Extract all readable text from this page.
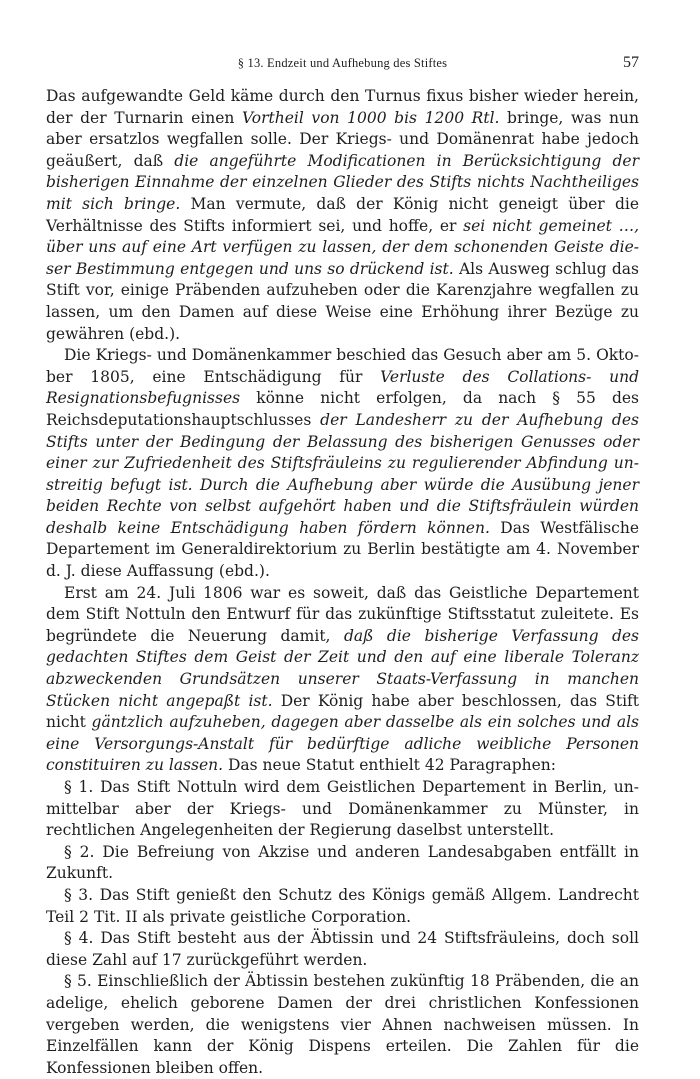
§ 13. Endzeit und Aufhebung des Stiftes	57

Das aufgewandte Geld käme durch den Turnus fixus bisher wieder herein, der der Turnarin einen Vortheil von 1000 bis 1200 Rtl. bringe, was nun aber ersatzlos wegfallen solle. Der Kriegs- und Domänenrat habe jedoch geäußert, daß die angeführte Modificationen in Berücksichtigung der bisherigen Einnahme der einzelnen Glieder des Stifts nichts Nachtheiliges mit sich bringe. Man vermute, daß der König nicht geneigt über die Verhältnisse des Stifts informiert sei, und hoffe, er sei nicht gemeinet …, über uns auf eine Art verfügen zu lassen, der dem schonenden Geiste dieser Bestimmung entgegen und uns so drückend ist. Als Ausweg schlug das Stift vor, einige Präbenden aufzuheben oder die Karenzjahre wegfallen zu lassen, um den Damen auf diese Weise eine Erhöhung ihrer Bezüge zu gewähren (ebd.).

Die Kriegs- und Domänenkammer beschied das Gesuch aber am 5. Oktober 1805, eine Entschädigung für Verluste des Collations- und Resignationsbefugnisses könne nicht erfolgen, da nach § 55 des Reichsdeputationshauptschlusses der Landesherr zu der Aufhebung des Stifts unter der Bedingung der Belassung des bisherigen Genusses oder einer zur Zufriedenheit des Stiftsfräuleins zu regulierender Abfindung unstreitig befugt ist. Durch die Aufhebung aber würde die Ausübung jener beiden Rechte von selbst aufgehört haben und die Stiftsfräulein würden deshalb keine Entschädigung haben fördern können. Das Westfälische Departement im Generaldirektorium zu Berlin bestätigte am 4. November d. J. diese Auffassung (ebd.).

Erst am 24. Juli 1806 war es soweit, daß das Geistliche Departement dem Stift Nottuln den Entwurf für das zukünftige Stiftsstatut zuleitete. Es begründete die Neuerung damit, daß die bisherige Verfassung des gedachten Stiftes dem Geist der Zeit und den auf eine liberale Toleranz abzweckenden Grundsätzen unserer Staats-Verfassung in manchen Stücken nicht angepaßt ist. Der König habe aber beschlossen, das Stift nicht gäntzlich aufzuheben, dagegen aber dasselbe als ein solches und als eine Versorgungs-Anstalt für bedürftige adliche weibliche Personen constituiren zu lassen. Das neue Statut enthielt 42 Paragraphen:

§ 1. Das Stift Nottuln wird dem Geistlichen Departement in Berlin, unmittelbar aber der Kriegs- und Domänenkammer zu Münster, in rechtlichen Angelegenheiten der Regierung daselbst unterstellt.

§ 2. Die Befreiung von Akzise und anderen Landesabgaben entfällt in Zukunft.

§ 3. Das Stift genießt den Schutz des Königs gemäß Allgem. Landrecht Teil 2 Tit. II als private geistliche Corporation.

§ 4. Das Stift besteht aus der Äbtissin und 24 Stiftsfräuleins, doch soll diese Zahl auf 17 zurückgeführt werden.

§ 5. Einschließlich der Äbtissin bestehen zukünftig 18 Präbenden, die an adelige, ehelich geborene Damen der drei christlichen Konfessionen vergeben werden, die wenigstens vier Ahnen nachweisen müssen. In Einzelfällen kann der König Dispens erteilen. Die Zahlen für die Konfessionen bleiben offen.
